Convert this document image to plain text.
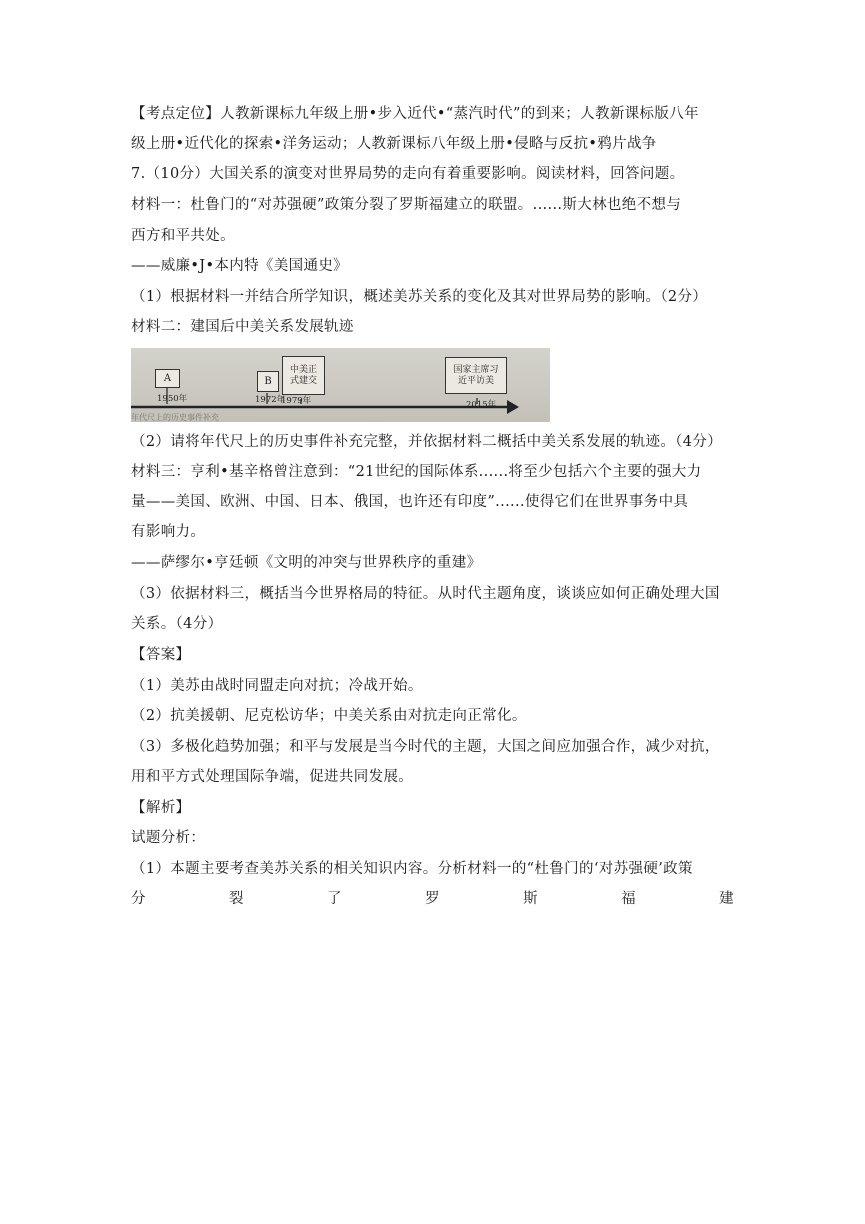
【考点定位】人教新课标九年级上册•步入近代•“蒸汽时代”的到来；人教新课标版八年
级上册•近代化的探索•洋务运动；人教新课标八年级上册•侵略与反抗•鸦片战争
7.（10分）大国关系的演变对世界局势的走向有着重要影响。阅读材料，回答问题。
材料一：杜鲁门的“对苏强硬”政策分裂了罗斯福建立的联盟。......斯大林也绝不想与
西方和平共处。
——威廉•J•本内特《美国通史》
（1）根据材料一并结合所学知识，概述美苏关系的变化及其对世界局势的影响。（2分）
材料二：建国后中美关系发展轨迹
A	B
中美正式建交
国家主席习近平访美
1950年	1972年
1979年	2015年
年代尺上的历史事件补充
（2）请将年代尺上的历史事件补充完整，并依据材料二概括中美关系发展的轨迹。（4分）
材料三：亨利•基辛格曾注意到：“21世纪的国际体系......将至少包括六个主要的强大力
量——美国、欧洲、中国、日本、俄国，也许还有印度”......使得它们在世界事务中具
有影响力。
——萨缪尔•亨廷顿《文明的冲突与世界秩序的重建》
（3）依据材料三，概括当今世界格局的特征。从时代主题角度，谈谈应如何正确处理大国
关系。（4分）
【答案】
（1）美苏由战时同盟走向对抗；冷战开始。
（2）抗美援朝、尼克松访华；中美关系由对抗走向正常化。
（3）多极化趋势加强；和平与发展是当今时代的主题，大国之间应加强合作，减少对抗，
用和平方式处理国际争端，促进共同发展。
【解析】
试题分析：
（1）本题主要考查美苏关系的相关知识内容。分析材料一的“杜鲁门的‘对苏强硬’政策
分	裂	了	罗	斯	福	建
